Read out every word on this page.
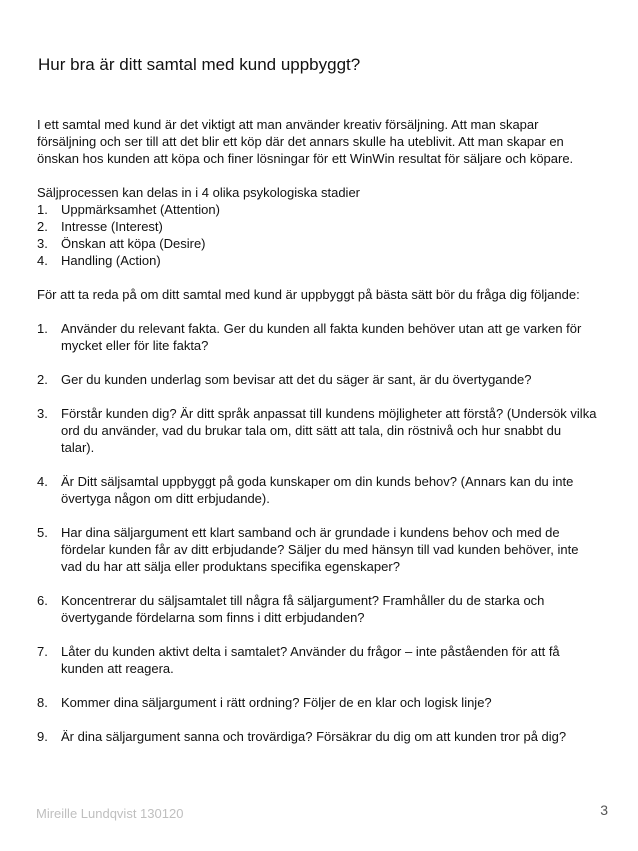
Hur bra är ditt samtal med kund uppbyggt?

I ett samtal med kund är det viktigt att man använder kreativ försäljning. Att man skapar försäljning och ser till att det blir ett köp där det annars skulle ha uteblivit. Att man skapar en önskan hos kunden att köpa och finer lösningar för ett WinWin resultat för säljare och köpare.

Säljprocessen kan delas in i 4 olika psykologiska stadier

1.	Uppmärksamhet (Attention)
2.	Intresse (Interest)
3.	Önskan att köpa (Desire)
4.	Handling (Action)

För att ta reda på om ditt samtal med kund är uppbyggt på bästa sätt bör du fråga dig följande:

1.	Använder du relevant fakta. Ger du kunden all fakta kunden behöver utan att ge varken för mycket eller för lite fakta?
2.	Ger du kunden underlag som bevisar att det du säger är sant, är du övertygande?
3.	Förstår kunden dig? Är ditt språk anpassat till kundens möjligheter att förstå? (Undersök vilka ord du använder, vad du brukar tala om, ditt sätt att tala, din röstnivå och hur snabbt du talar).
4.	Är Ditt säljsamtal uppbyggt på goda kunskaper om din kunds behov? (Annars kan du inte övertyga någon om ditt erbjudande).
5.	Har dina säljargument ett klart samband och är grundade i kundens behov och med de fördelar kunden får av ditt erbjudande? Säljer du med hänsyn till vad kunden behöver, inte vad du har att sälja eller produktans specifika egenskaper?
6.	Koncentrerar du säljsamtalet till några få säljargument? Framhåller du de starka och övertygande fördelarna som finns i ditt erbjudanden?
7.	Låter du kunden aktivt delta i samtalet? Använder du frågor – inte påståenden för att få kunden att reagera.
8.	Kommer dina säljargument i rätt ordning? Följer de en klar och logisk linje?
9.	Är dina säljargument sanna och trovärdiga? Försäkrar du dig om att kunden tror på dig?
Mireille Lundqvist 130120	3
